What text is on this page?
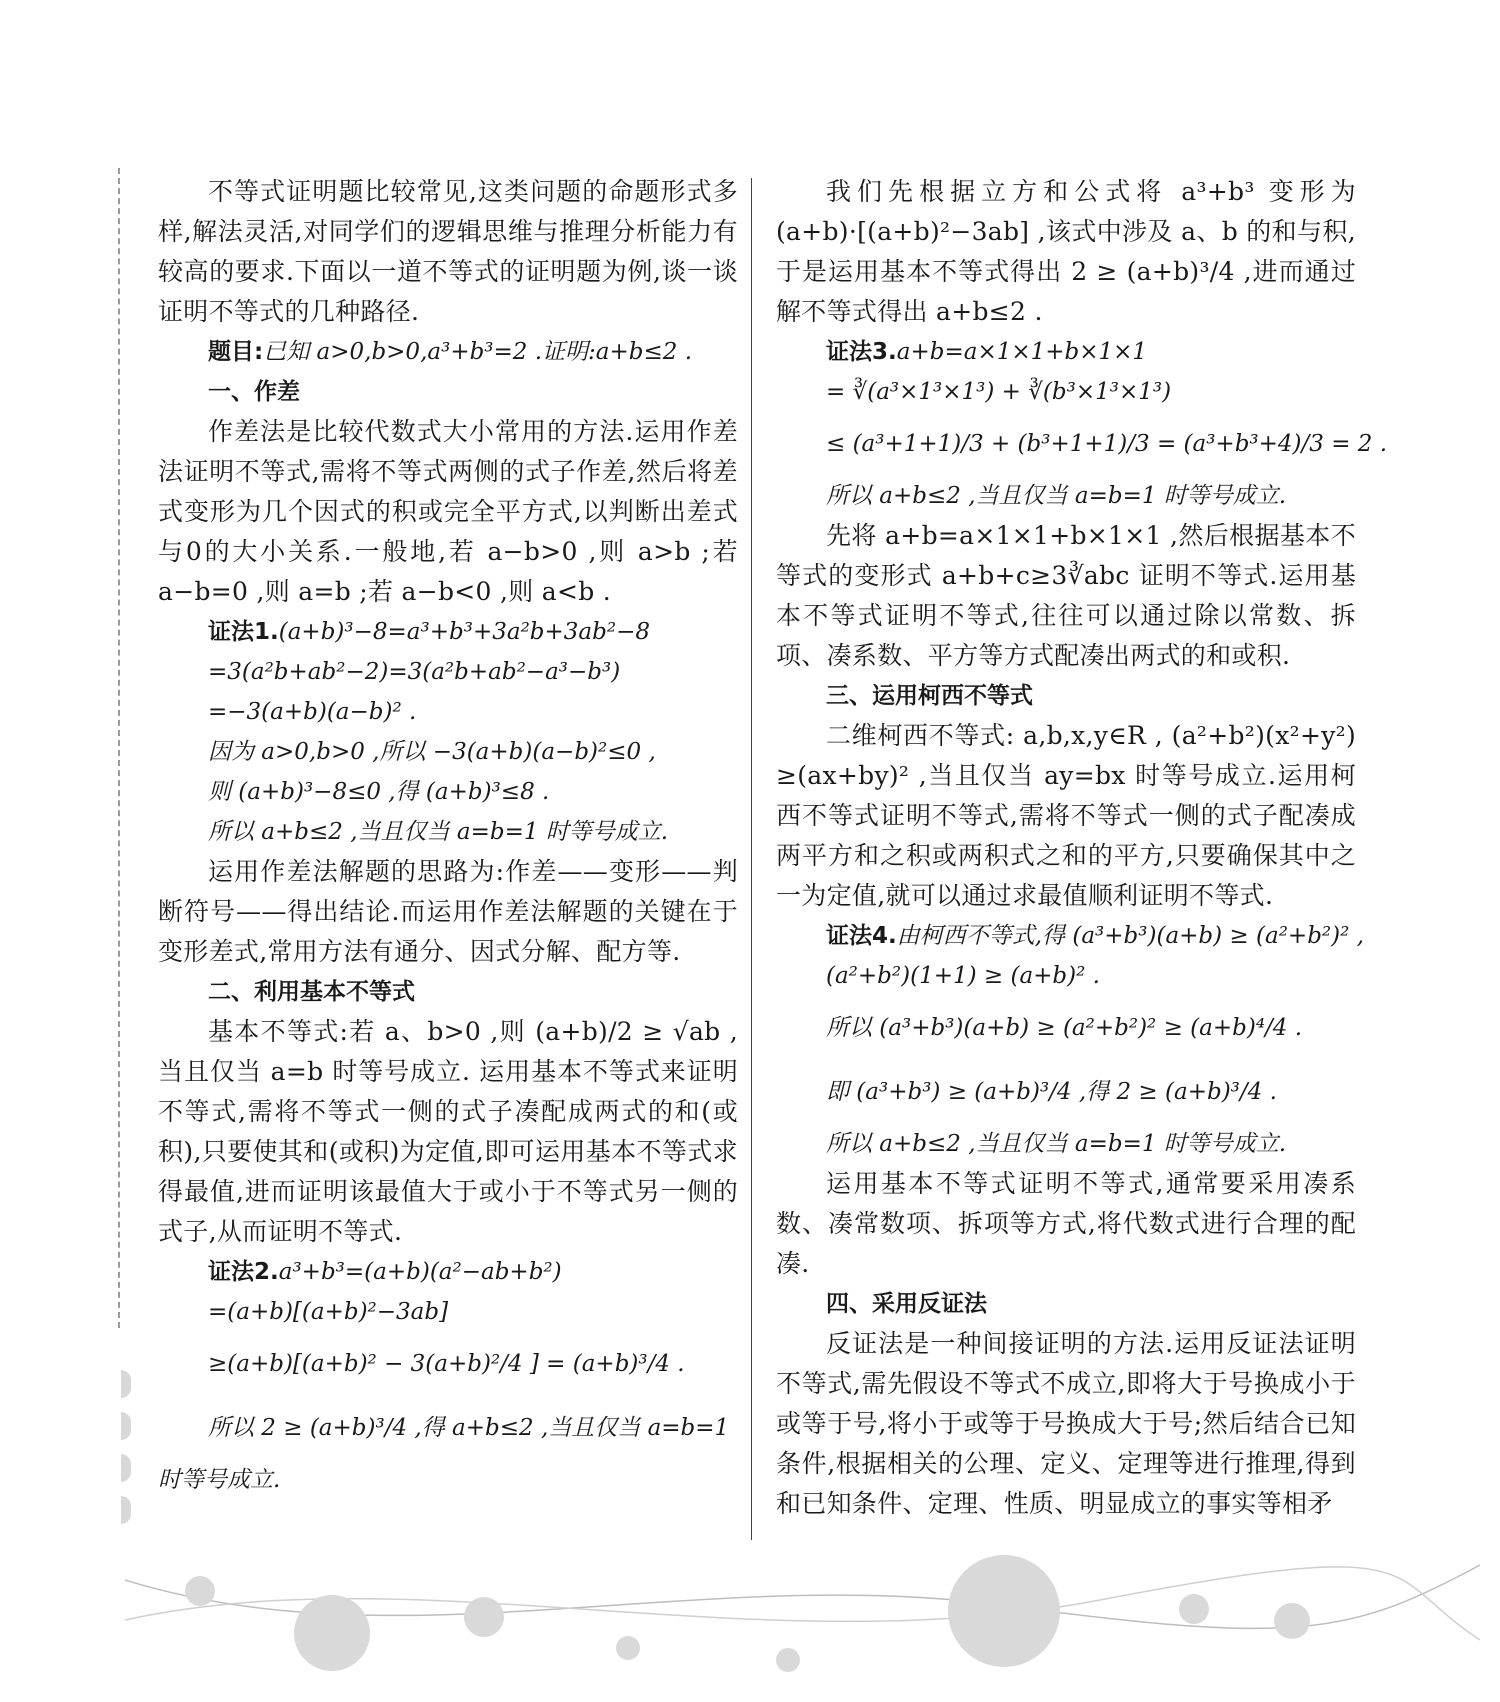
不等式证明题比较常见,这类问题的命题形式多样,解法灵活,对同学们的逻辑思维与推理分析能力有较高的要求.下面以一道不等式的证明题为例,谈一谈证明不等式的几种路径.

题目:已知 a>0,b>0,a³+b³=2 .证明:a+b≤2 .

一、作差

作差法是比较代数式大小常用的方法.运用作差法证明不等式,需将不等式两侧的式子作差,然后将差式变形为几个因式的积或完全平方式,以判断出差式与0的大小关系.一般地,若 a−b>0 ,则 a>b ;若 a−b=0 ,则 a=b ;若 a−b<0 ,则 a<b .

证法1.(a+b)³−8=a³+b³+3a²b+3ab²−8

=3(a²b+ab²−2)=3(a²b+ab²−a³−b³)

=−3(a+b)(a−b)² .

因为 a>0,b>0 ,所以 −3(a+b)(a−b)²≤0 ,

则 (a+b)³−8≤0 ,得 (a+b)³≤8 .

所以 a+b≤2 ,当且仅当 a=b=1 时等号成立.

运用作差法解题的思路为:作差——变形——判断符号——得出结论.而运用作差法解题的关键在于变形差式,常用方法有通分、因式分解、配方等.

二、利用基本不等式

基本不等式:若 a、b>0 ,则 (a+b)/2 ≥ √ab ,当且仅当 a=b 时等号成立. 运用基本不等式来证明不等式,需将不等式一侧的式子凑配成两式的和(或积),只要使其和(或积)为定值,即可运用基本不等式求得最值,进而证明该最值大于或小于不等式另一侧的式子,从而证明不等式.

证法2.a³+b³=(a+b)(a²−ab+b²)

=(a+b)[(a+b)²−3ab]

≥(a+b)[(a+b)² − 3(a+b)²/4 ] = (a+b)³/4 .

所以 2 ≥ (a+b)³/4 ,得 a+b≤2 ,当且仅当 a=b=1

时等号成立.

我们先根据立方和公式将 a³+b³ 变形为 (a+b)·[(a+b)²−3ab] ,该式中涉及 a、b 的和与积,于是运用基本不等式得出 2 ≥ (a+b)³/4 ,进而通过解不等式得出 a+b≤2 .

证法3.a+b=a×1×1+b×1×1

= ∛(a³×1³×1³) + ∛(b³×1³×1³)

≤ (a³+1+1)/3 + (b³+1+1)/3 = (a³+b³+4)/3 = 2 .

所以 a+b≤2 ,当且仅当 a=b=1 时等号成立.

先将 a+b=a×1×1+b×1×1 ,然后根据基本不等式的变形式 a+b+c≥3∛abc 证明不等式.运用基本不等式证明不等式,往往可以通过除以常数、拆项、凑系数、平方等方式配凑出两式的和或积.

三、运用柯西不等式

二维柯西不等式: a,b,x,y∈R , (a²+b²)(x²+y²) ≥(ax+by)² ,当且仅当 ay=bx 时等号成立.运用柯西不等式证明不等式,需将不等式一侧的式子配凑成两平方和之积或两积式之和的平方,只要确保其中之一为定值,就可以通过求最值顺利证明不等式.

证法4.由柯西不等式,得 (a³+b³)(a+b) ≥ (a²+b²)² ,

(a²+b²)(1+1) ≥ (a+b)² .

所以 (a³+b³)(a+b) ≥ (a²+b²)² ≥ (a+b)⁴/4 .

即 (a³+b³) ≥ (a+b)³/4 ,得 2 ≥ (a+b)³/4 .

所以 a+b≤2 ,当且仅当 a=b=1 时等号成立.

运用基本不等式证明不等式,通常要采用凑系数、凑常数项、拆项等方式,将代数式进行合理的配凑.

四、采用反证法

反证法是一种间接证明的方法.运用反证法证明不等式,需先假设不等式不成立,即将大于号换成小于或等于号,将小于或等于号换成大于号;然后结合已知条件,根据相关的公理、定义、定理等进行推理,得到和已知条件、定理、性质、明显成立的事实等相矛
